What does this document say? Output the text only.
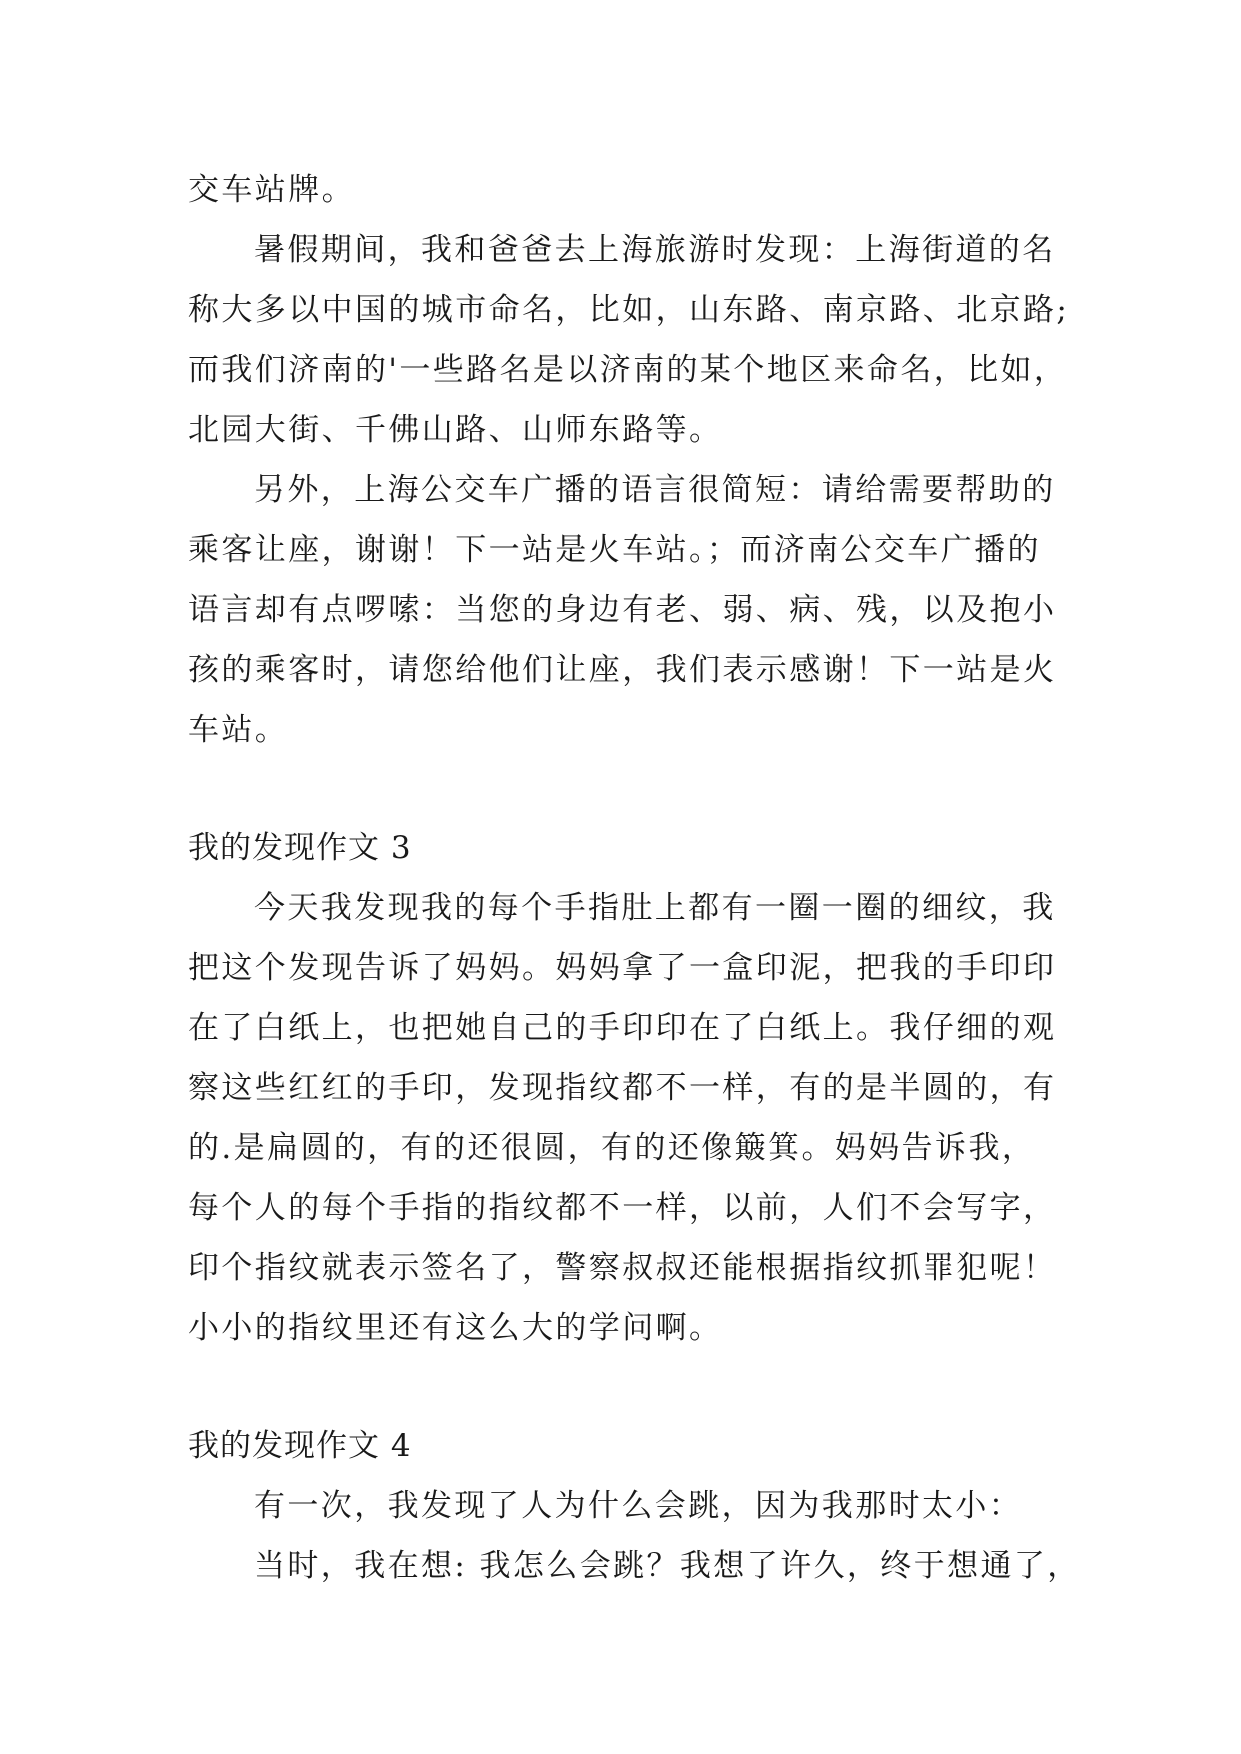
交车站牌。
暑假期间，我和爸爸去上海旅游时发现：上海街道的名
称大多以中国的城市命名，比如，山东路、南京路、北京路;
而我们济南的'一些路名是以济南的某个地区来命名，比如，
北园大街、千佛山路、山师东路等。
另外，上海公交车广播的语言很简短：请给需要帮助的
乘客让座，谢谢！下一站是火车站。；而济南公交车广播的
语言却有点啰嗦：当您的身边有老、弱、病、残，以及抱小
孩的乘客时，请您给他们让座，我们表示感谢！下一站是火
车站。
我的发现作文 3
今天我发现我的每个手指肚上都有一圈一圈的细纹，我
把这个发现告诉了妈妈。妈妈拿了一盒印泥，把我的手印印
在了白纸上，也把她自己的手印印在了白纸上。我仔细的观
察这些红红的手印，发现指纹都不一样，有的是半圆的，有
的.是扁圆的，有的还很圆，有的还像簸箕。妈妈告诉我，
每个人的每个手指的指纹都不一样，以前，人们不会写字，
印个指纹就表示签名了，警察叔叔还能根据指纹抓罪犯呢！
小小的指纹里还有这么大的学问啊。
我的发现作文 4
有一次，我发现了人为什么会跳，因为我那时太小：
当时，我在想: 我怎么会跳？我想了许久，终于想通了，
